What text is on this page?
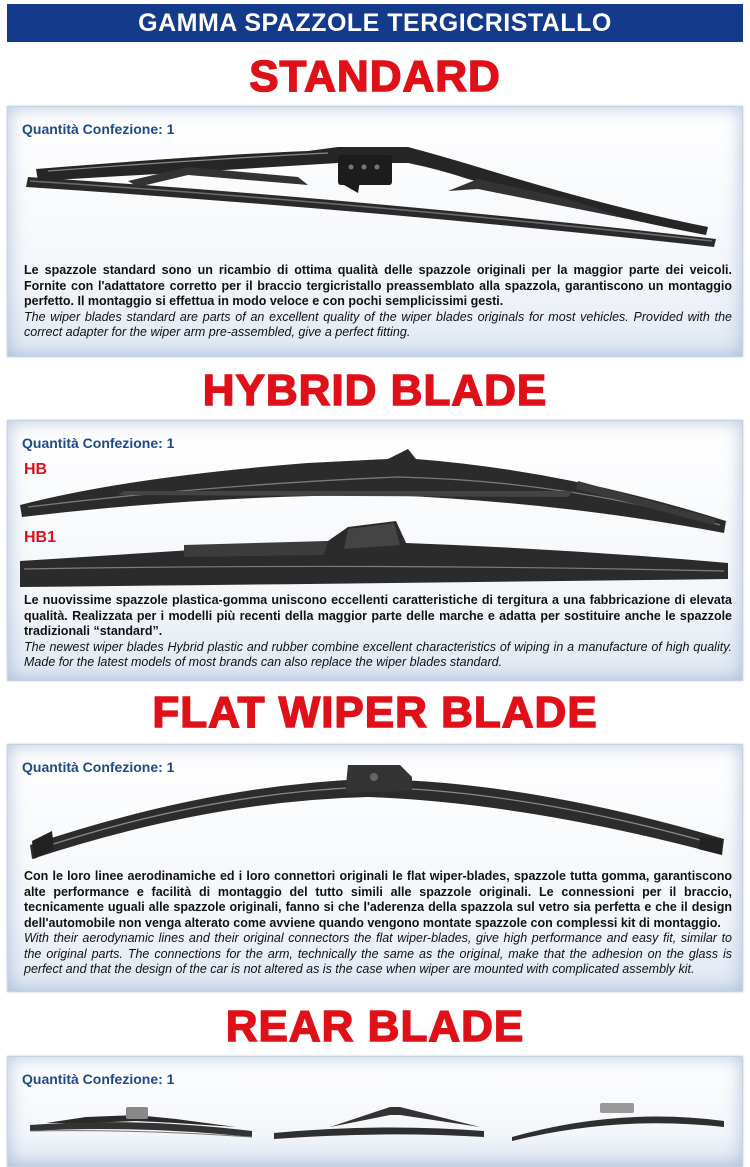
GAMMA SPAZZOLE TERGICRISTALLO
STANDARD
Quantità Confezione: 1
Le spazzole standard sono un ricambio di ottima qualità delle spazzole originali per la maggior parte dei veicoli. Fornite con l'adattatore corretto per il braccio tergicristallo preassemblato alla spazzola, garantiscono un montaggio perfetto. Il montaggio si effettua in modo veloce e con pochi semplicissimi gesti.
The wiper blades standard are parts of an excellent quality of the wiper blades originals for most vehicles. Provided with the correct adapter for the wiper arm pre-assembled, give a perfect fitting.
HYBRID BLADE
Quantità Confezione: 1
HB
HB1
Le nuovissime spazzole plastica-gomma uniscono eccellenti caratteristiche di tergitura a una fabbricazione di elevata qualità. Realizzata per i modelli più recenti della maggior parte delle marche e adatta per sostituire anche le spazzole tradizionali “standard”.
The newest wiper blades Hybrid plastic and rubber combine excellent characteristics of wiping in a manufacture of high quality. Made for the latest models of most brands can also replace the wiper blades standard.
FLAT WIPER BLADE
Quantità Confezione: 1
Con le loro linee aerodinamiche ed i loro connettori originali le flat wiper-blades, spazzole tutta gomma, garantiscono alte performance e facilità di montaggio del tutto simili alle spazzole originali. Le connessioni per il braccio, tecnicamente uguali alle spazzole originali, fanno si che l'aderenza della spazzola sul vetro sia perfetta e che il design dell'automobile non venga alterato come avviene quando vengono montate spazzole con complessi kit di montaggio.
With their aerodynamic lines and their original connectors the flat wiper-blades, give high performance and easy fit, similar to the original parts. The connections for the arm, technically the same as the original, make that the adhesion on the glass is perfect and that the design of the car is not altered as is the case when wiper are mounted with complicated assembly kit.
REAR BLADE
Quantità Confezione: 1
